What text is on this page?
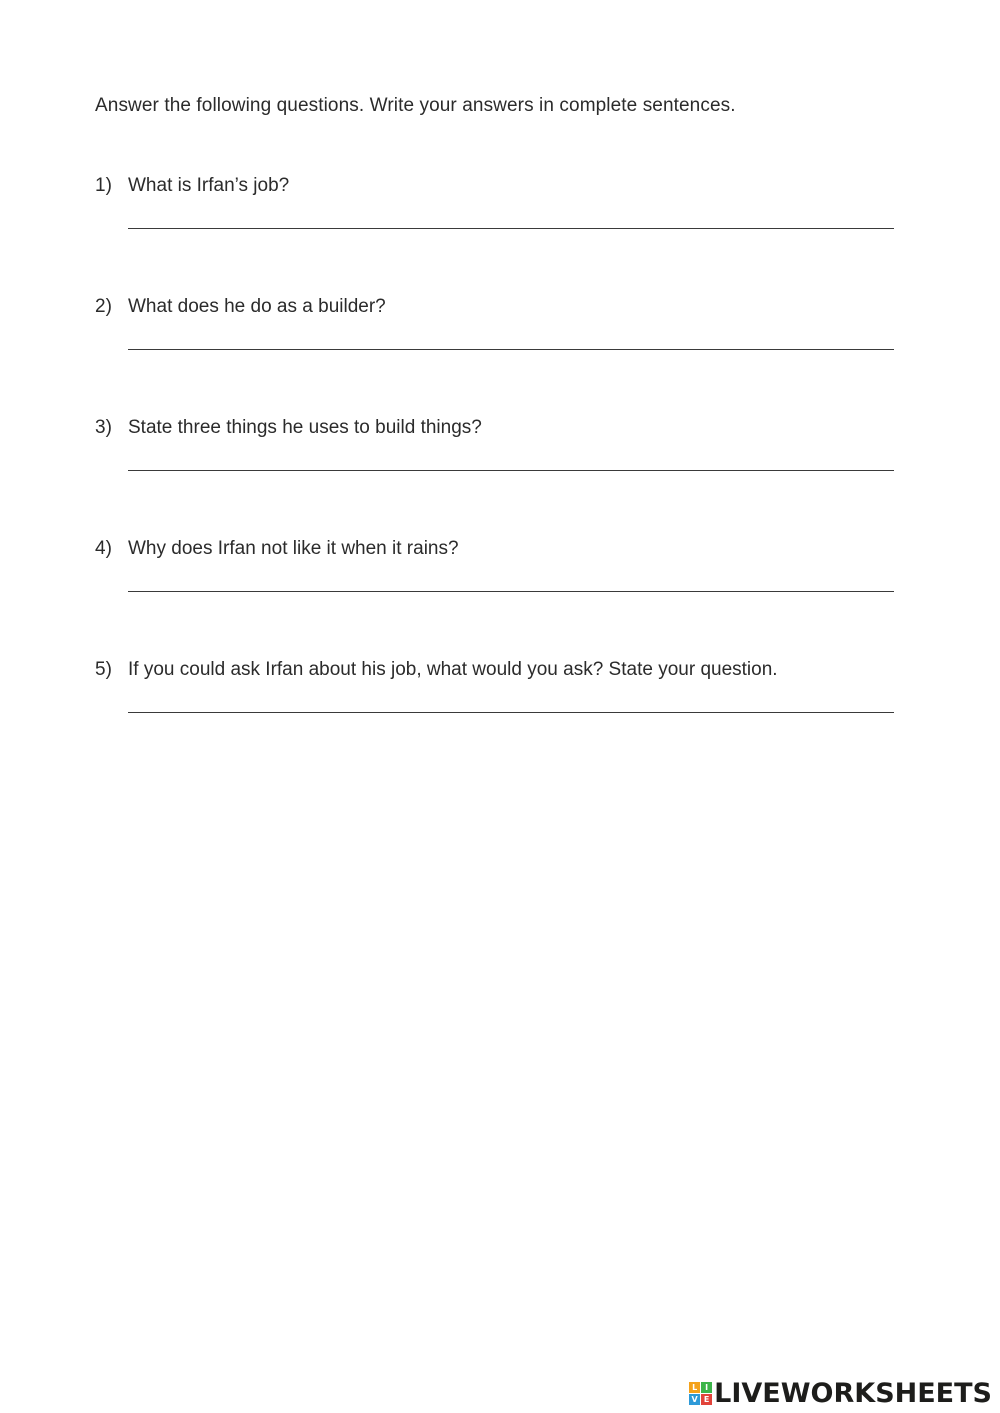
Answer the following questions. Write your answers in complete sentences.
1) What is Irfan’s job?
2) What does he do as a builder?
3) State three things he uses to build things?
4) Why does Irfan not like it when it rains?
5) If you could ask Irfan about his job, what would you ask? State your question.
L I
V E LIVEWORKSHEETS
